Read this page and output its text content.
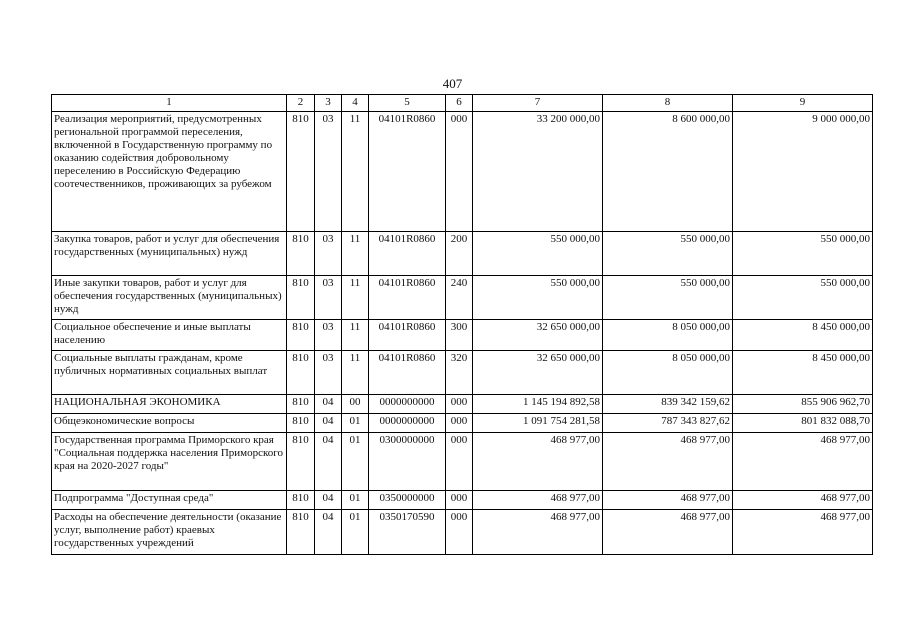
407
1	2	3	4	5	6	7	8	9
Реализация мероприятий, предусмотренных региональной программой переселения, включенной в Государственную программу по оказанию содействия добровольному переселению в Российскую Федерацию соотечественников, проживающих за рубежом	810	03	11	04101R0860	000	33 200 000,00	8 600 000,00	9 000 000,00
Закупка товаров, работ и услуг для обеспечения государственных (муниципальных) нужд	810	03	11	04101R0860	200	550 000,00	550 000,00	550 000,00
Иные закупки товаров, работ и услуг для обеспечения государственных (муниципальных) нужд	810	03	11	04101R0860	240	550 000,00	550 000,00	550 000,00
Социальное обеспечение и иные выплаты населению	810	03	11	04101R0860	300	32 650 000,00	8 050 000,00	8 450 000,00
Социальные выплаты гражданам, кроме публичных нормативных социальных выплат	810	03	11	04101R0860	320	32 650 000,00	8 050 000,00	8 450 000,00
НАЦИОНАЛЬНАЯ ЭКОНОМИКА	810	04	00	0000000000	000	1 145 194 892,58	839 342 159,62	855 906 962,70
Общеэкономические вопросы	810	04	01	0000000000	000	1 091 754 281,58	787 343 827,62	801 832 088,70
Государственная программа Приморского края "Социальная поддержка населения Приморского края на 2020-2027 годы"	810	04	01	0300000000	000	468 977,00	468 977,00	468 977,00
Подпрограмма "Доступная среда"	810	04	01	0350000000	000	468 977,00	468 977,00	468 977,00
Расходы на обеспечение деятельности (оказание услуг, выполнение работ) краевых государственных учреждений	810	04	01	0350170590	000	468 977,00	468 977,00	468 977,00
